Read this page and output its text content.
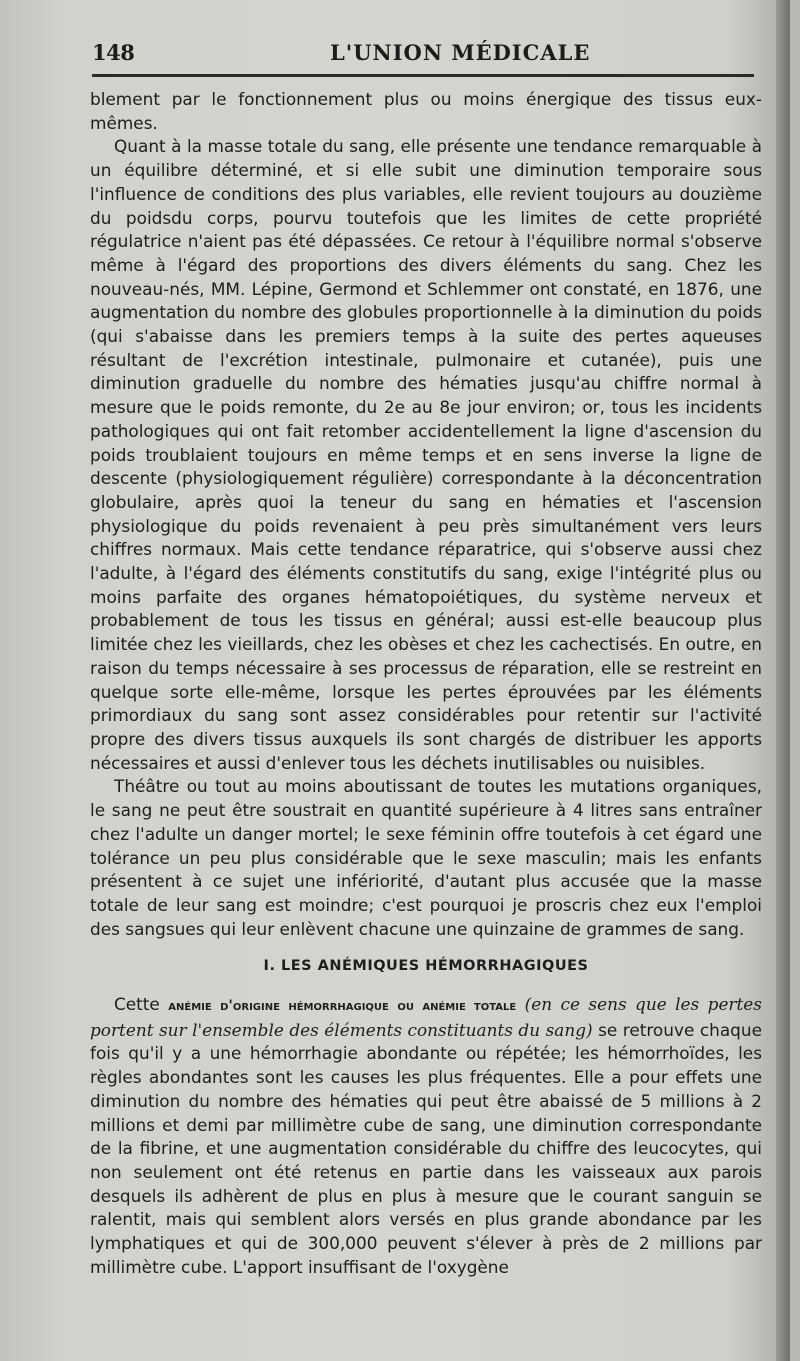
148	L'UNION MÉDICALE

blement par le fonctionnement plus ou moins énergique des tissus eux-mêmes.

Quant à la masse totale du sang, elle présente une tendance remarquable à un équilibre déterminé, et si elle subit une diminution temporaire sous l'influence de conditions des plus variables, elle revient toujours au douzième du poidsdu corps, pourvu toutefois que les limites de cette propriété régulatrice n'aient pas été dépassées. Ce retour à l'équilibre normal s'observe même à l'égard des proportions des divers éléments du sang. Chez les nouveau-nés, MM. Lépine, Germond et Schlemmer ont constaté, en 1876, une augmentation du nombre des globules proportionnelle à la diminution du poids (qui s'abaisse dans les premiers temps à la suite des pertes aqueuses résultant de l'excrétion intestinale, pulmonaire et cutanée), puis une diminution graduelle du nombre des hématies jusqu'au chiffre normal à mesure que le poids remonte, du 2e au 8e jour environ; or, tous les incidents pathologiques qui ont fait retomber accidentellement la ligne d'ascension du poids troublaient toujours en même temps et en sens inverse la ligne de descente (physiologiquement régulière) correspondante à la déconcentration globulaire, après quoi la teneur du sang en hématies et l'ascension physiologique du poids revenaient à peu près simultanément vers leurs chiffres normaux. Mais cette tendance réparatrice, qui s'observe aussi chez l'adulte, à l'égard des éléments constitutifs du sang, exige l'intégrité plus ou moins parfaite des organes hématopoiétiques, du système nerveux et probablement de tous les tissus en général; aussi est-elle beaucoup plus limitée chez les vieillards, chez les obèses et chez les cachectisés. En outre, en raison du temps nécessaire à ses processus de réparation, elle se restreint en quelque sorte elle-même, lorsque les pertes éprouvées par les éléments primordiaux du sang sont assez considérables pour retentir sur l'activité propre des divers tissus auxquels ils sont chargés de distribuer les apports nécessaires et aussi d'enlever tous les déchets inutilisables ou nuisibles.

Théâtre ou tout au moins aboutissant de toutes les mutations organiques, le sang ne peut être soustrait en quantité supérieure à 4 litres sans entraîner chez l'adulte un danger mortel; le sexe féminin offre toutefois à cet égard une tolérance un peu plus considérable que le sexe masculin; mais les enfants présentent à ce sujet une infériorité, d'autant plus accusée que la masse totale de leur sang est moindre; c'est pourquoi je proscris chez eux l'emploi des sangsues qui leur enlèvent chacune une quinzaine de grammes de sang.

I. LES ANÉMIQUES HÉMORRHAGIQUES

Cette anémie d'origine hémorrhagique ou anémie totale (en ce sens que les pertes portent sur l'ensemble des éléments constituants du sang) se retrouve chaque fois qu'il y a une hémorrhagie abondante ou répétée; les hémorrhoïdes, les règles abondantes sont les causes les plus fréquentes. Elle a pour effets une diminution du nombre des hématies qui peut être abaissé de 5 millions à 2 millions et demi par millimètre cube de sang, une diminution correspondante de la fibrine, et une augmentation considérable du chiffre des leucocytes, qui non seulement ont été retenus en partie dans les vaisseaux aux parois desquels ils adhèrent de plus en plus à mesure que le courant sanguin se ralentit, mais qui semblent alors versés en plus grande abondance par les lymphatiques et qui de 300,000 peuvent s'élever à près de 2 millions par millimètre cube. L'apport insuffisant de l'oxygène
